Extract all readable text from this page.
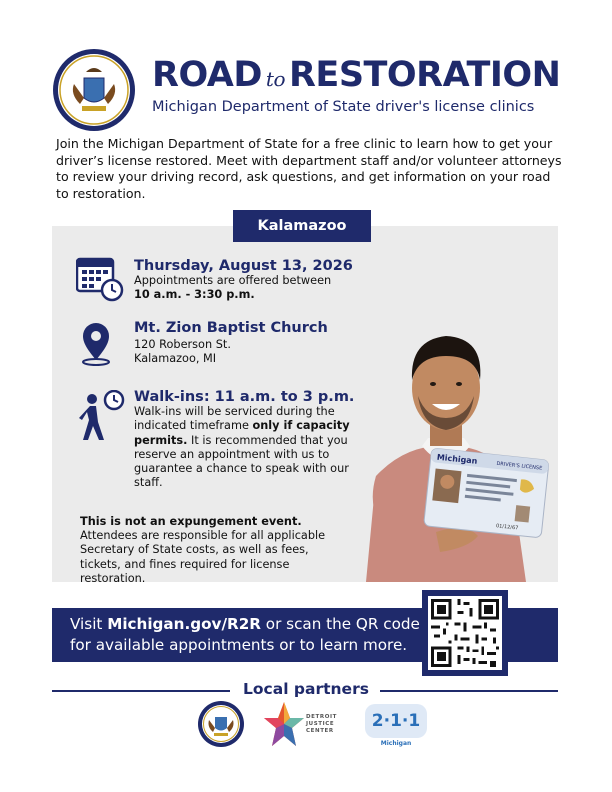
ROAD to RESTORATION
Michigan Department of State driver's license clinics

Join the Michigan Department of State for a free clinic to learn how to get your driver’s license restored. Meet with department staff and/or volunteer attorneys to review your driving record, ask questions, and get information on your road to restoration.

Kalamazoo
Thursday, August 13, 2026
Appointments are offered between
10 a.m. - 3:30 p.m.
Mt. Zion Baptist Church
120 Roberson St.
Kalamazoo, MI
Walk-ins: 11 a.m. to 3 p.m.
Walk-ins will be serviced during the indicated timeframe only if capacity permits. It is recommended that you reserve an appointment with us to guarantee a chance to speak with our staff.
This is not an expungement event.
Attendees are responsible for all applicable Secretary of State costs, as well as fees, tickets, and fines required for license restoration.
Michigan
DRIVER'S LICENSE
01/12/67
Visit Michigan.gov/R2R or scan the QR code for available appointments or to learn more.
Local partners
DETROIT
JUSTICE
CENTER 2·1·1
Michigan
